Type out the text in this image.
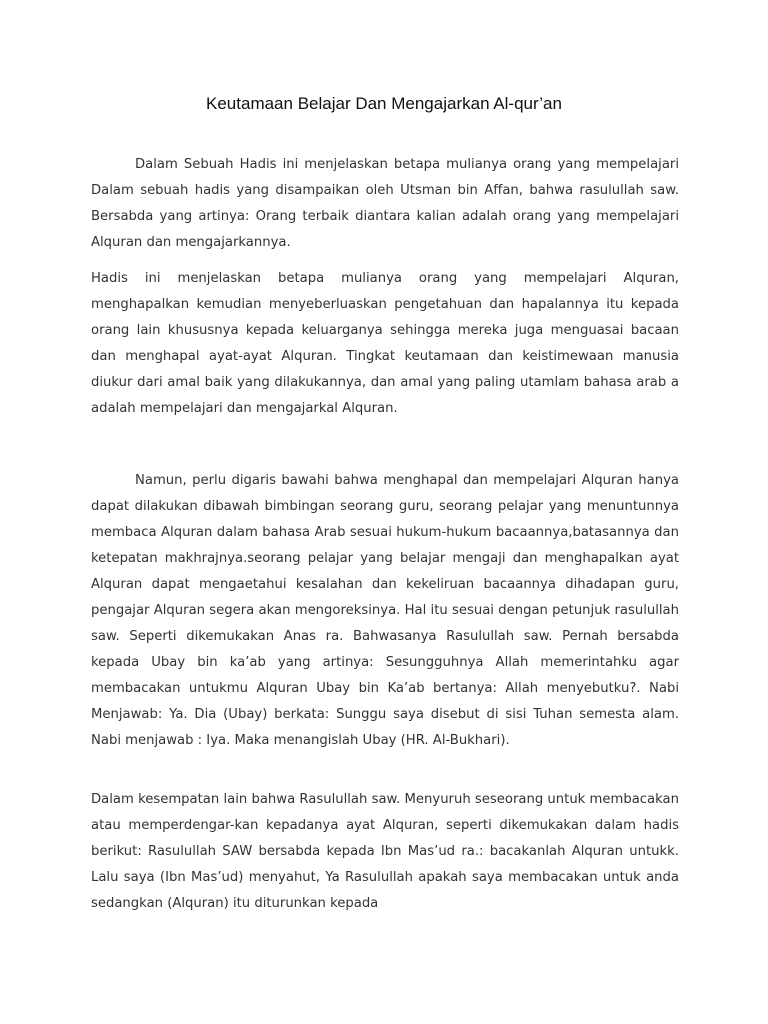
Keutamaan Belajar Dan Mengajarkan Al-qur’an

Dalam Sebuah Hadis ini menjelaskan betapa mulianya orang yang mempelajari Dalam sebuah hadis yang disampaikan oleh Utsman bin Affan, bahwa rasulullah saw. Bersabda yang artinya: Orang terbaik diantara kalian adalah orang yang mempelajari Alquran dan mengajarkannya.

Hadis ini menjelaskan betapa mulianya orang yang mempelajari Alquran, menghapalkan kemudian menyeberluaskan pengetahuan dan hapalannya itu kepada orang lain khususnya kepada keluarganya sehingga mereka juga menguasai bacaan dan menghapal ayat-ayat Alquran. Tingkat keutamaan dan keistimewaan manusia diukur dari amal baik yang dilakukannya, dan amal yang paling utamlam bahasa arab a adalah mempelajari dan mengajarkal Alquran.

Namun, perlu digaris bawahi bahwa menghapal dan mempelajari Alquran hanya dapat dilakukan dibawah bimbingan seorang guru, seorang pelajar yang menuntunnya membaca Alquran dalam bahasa Arab sesuai hukum-hukum bacaannya,batasannya dan ketepatan makhrajnya.seorang pelajar yang belajar mengaji dan menghapalkan ayat Alquran dapat mengaetahui kesalahan dan kekeliruan bacaannya dihadapan guru, pengajar Alquran segera akan mengoreksinya. Hal itu sesuai dengan petunjuk rasulullah saw. Seperti dikemukakan Anas ra. Bahwasanya Rasulullah saw. Pernah bersabda kepada Ubay bin ka’ab yang artinya: Sesungguhnya Allah memerintahku agar membacakan untukmu Alquran Ubay bin Ka’ab bertanya: Allah menyebutku?. Nabi Menjawab: Ya. Dia (Ubay) berkata: Sunggu saya disebut di sisi Tuhan semesta alam. Nabi menjawab : Iya. Maka menangislah Ubay (HR. Al-Bukhari).

Dalam kesempatan lain bahwa Rasulullah saw. Menyuruh seseorang untuk membacakan atau memperdengar-kan kepadanya ayat Alquran, seperti dikemukakan dalam hadis berikut: Rasulullah SAW bersabda kepada Ibn Mas’ud ra.: bacakanlah Alquran untukk. Lalu saya (Ibn Mas’ud) menyahut, Ya Rasulullah apakah saya membacakan untuk anda sedangkan (Alquran) itu diturunkan kepada
